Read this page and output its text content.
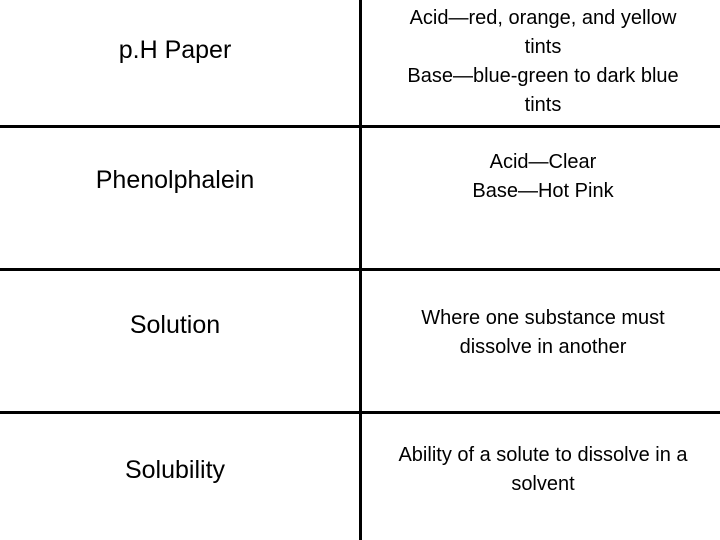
p.H Paper
Acid—red, orange, and yellow
tints
Base—blue-green to dark blue
tints
Phenolphalein
Acid—Clear
Base—Hot Pink
Solution	Where one substance must
dissolve in another
Solubility
Ability of a solute to dissolve in a
solvent
